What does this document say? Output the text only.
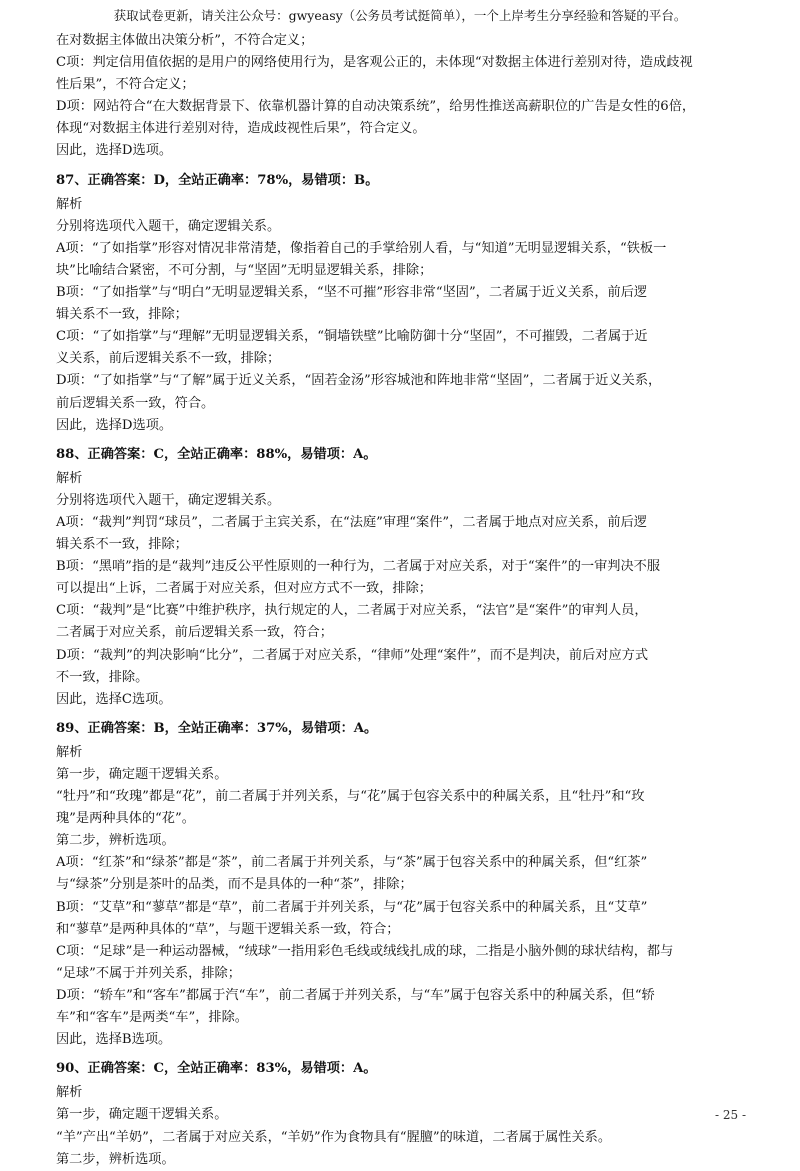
获取试卷更新，请关注公众号：gwyeasy（公务员考试挺简单），一个上岸考生分享经验和答疑的平台。

在对数据主体做出决策分析”，不符合定义；

C项：判定信用值依据的是用户的网络使用行为，是客观公正的，未体现“对数据主体进行差别对待，造成歧视

性后果”，不符合定义；

D项：网站符合“在大数据背景下、依靠机器计算的自动决策系统”，给男性推送高薪职位的广告是女性的6倍，

体现“对数据主体进行差别对待，造成歧视性后果”，符合定义。

因此，选择D选项。

87、正确答案：D，全站正确率：78%，易错项：B。

解析

分别将选项代入题干，确定逻辑关系。

A项：“了如指掌”形容对情况非常清楚，像指着自己的手掌给别人看，与“知道”无明显逻辑关系，“铁板一

块”比喻结合紧密，不可分割，与“坚固”无明显逻辑关系，排除；

B项：“了如指掌”与“明白”无明显逻辑关系，“坚不可摧”形容非常“坚固”，二者属于近义关系，前后逻

辑关系不一致，排除；

C项：“了如指掌”与“理解”无明显逻辑关系，“铜墙铁壁”比喻防御十分“坚固”，不可摧毁，二者属于近

义关系，前后逻辑关系不一致，排除；

D项：“了如指掌”与“了解”属于近义关系，“固若金汤”形容城池和阵地非常“坚固”，二者属于近义关系，

前后逻辑关系一致，符合。

因此，选择D选项。

88、正确答案：C，全站正确率：88%，易错项：A。

解析

分别将选项代入题干，确定逻辑关系。

A项：“裁判”判罚“球员”，二者属于主宾关系，在“法庭”审理“案件”，二者属于地点对应关系，前后逻

辑关系不一致，排除；

B项：“黑哨”指的是“裁判”违反公平性原则的一种行为，二者属于对应关系，对于“案件”的一审判决不服

可以提出“上诉，二者属于对应关系，但对应方式不一致，排除；

C项：“裁判”是“比赛”中维护秩序，执行规定的人，二者属于对应关系，“法官”是“案件”的审判人员，

二者属于对应关系，前后逻辑关系一致，符合；

D项：“裁判”的判决影响“比分”，二者属于对应关系，“律师”处理“案件”，而不是判决，前后对应方式

不一致，排除。

因此，选择C选项。

89、正确答案：B，全站正确率：37%，易错项：A。

解析

第一步，确定题干逻辑关系。

“牡丹”和“玫瑰”都是“花”，前二者属于并列关系，与“花”属于包容关系中的种属关系，且“牡丹”和“玫

瑰”是两种具体的“花”。

第二步，辨析选项。

A项：“红茶”和“绿茶”都是“茶”，前二者属于并列关系，与“茶”属于包容关系中的种属关系，但“红茶”

与“绿茶”分别是茶叶的品类，而不是具体的一种“茶”，排除；

B项：“艾草”和“蓼草”都是“草”，前二者属于并列关系，与“花”属于包容关系中的种属关系，且“艾草”

和“蓼草”是两种具体的“草”，与题干逻辑关系一致，符合；

C项：“足球”是一种运动器械，“绒球”一指用彩色毛线或绒线扎成的球，二指是小脑外侧的球状结构，都与

“足球”不属于并列关系，排除；

D项：“轿车”和“客车”都属于汽“车”，前二者属于并列关系，与“车”属于包容关系中的种属关系，但“轿

车”和“客车”是两类“车”，排除。

因此，选择B选项。

90、正确答案：C，全站正确率：83%，易错项：A。

解析

第一步，确定题干逻辑关系。

“羊”产出“羊奶”，二者属于对应关系，“羊奶”作为食物具有“腥膻”的味道，二者属于属性关系。

第二步，辨析选项。

- 25 -
